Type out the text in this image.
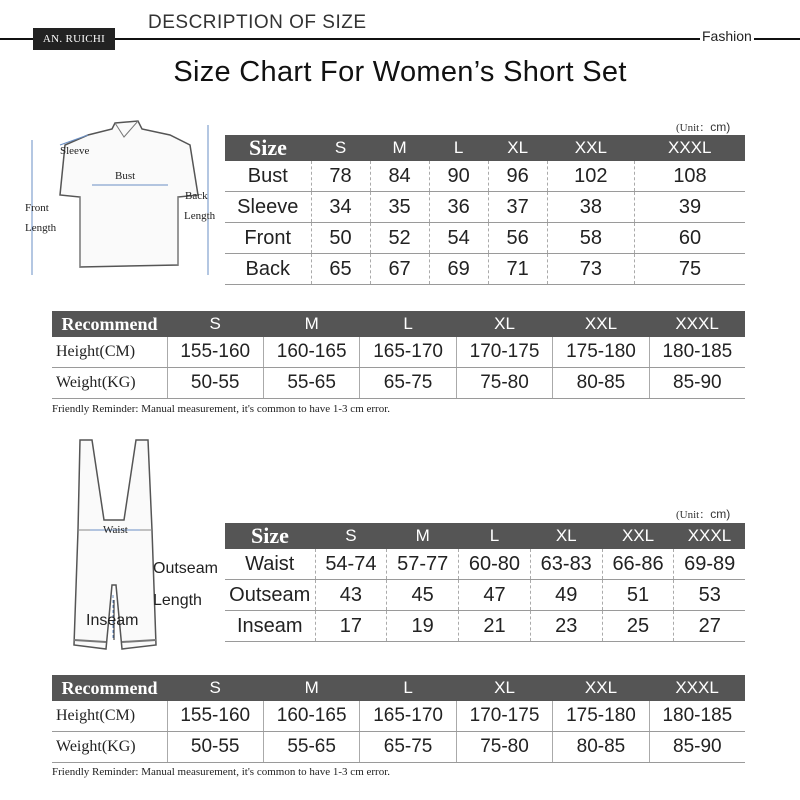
AN. RUICHI
DESCRIPTION OF SIZE
Fashion
Size Chart For Women’s Short Set
Sleeve
Bust
Back
Length
Front
Length
(Unit：cm)
Size	S	M	L	XL	XXL	XXXL
Bust	78	84	90	96	102	108
Sleeve	34	35	36	37	38	39
Front	50	52	54	56	58	60
Back	65	67	69	71	73	75
Recommend	S	M	L	XL	XXL	XXXL
Height(CM)	155-160	160-165	165-170	170-175	175-180	180-185
Weight(KG)	50-55	55-65	65-75	75-80	80-85	85-90
Friendly Reminder: Manual measurement, it's common to have 1-3 cm error.
Waist
Outseam
Length
Inseam
(Unit：cm)
Size	S	M	L	XL	XXL	XXXL
Waist	54-74	57-77	60-80	63-83	66-86	69-89
Outseam	43	45	47	49	51	53
Inseam	17	19	21	23	25	27
Recommend	S	M	L	XL	XXL	XXXL
Height(CM)	155-160	160-165	165-170	170-175	175-180	180-185
Weight(KG)	50-55	55-65	65-75	75-80	80-85	85-90
Friendly Reminder: Manual measurement, it's common to have 1-3 cm error.
